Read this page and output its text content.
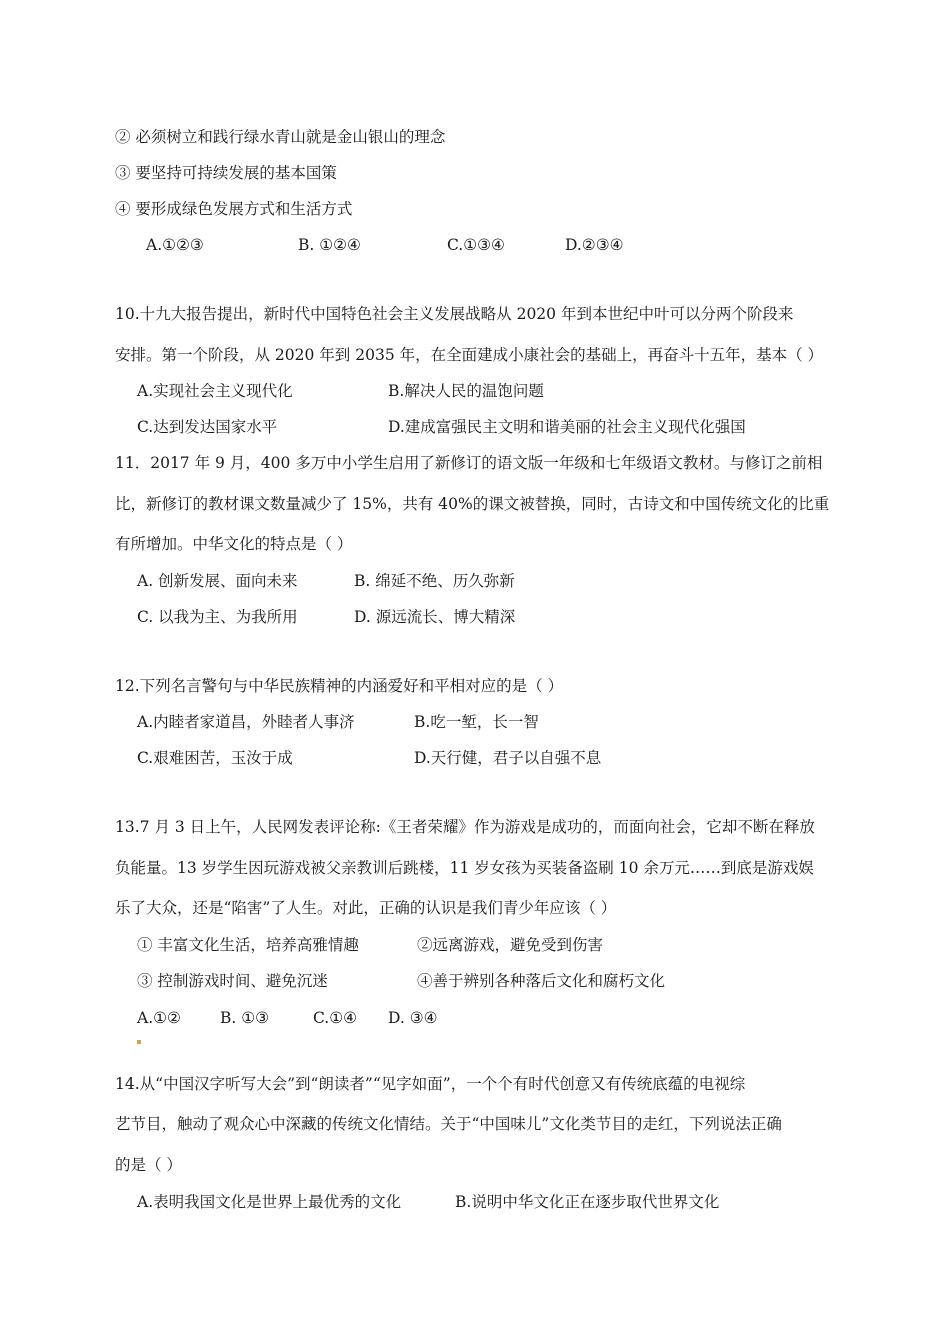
② 必须树立和践行绿水青山就是金山银山的理念
③ 要坚持可持续发展的基本国策
④ 要形成绿色发展方式和生活方式
A.①②③	B. ①②④	C.①③④	D.②③④
10.十九大报告提出，新时代中国特色社会主义发展战略从 2020 年到本世纪中叶可以分两个阶段来
安排。第一个阶段，从 2020 年到 2035 年，在全面建成小康社会的基础上，再奋斗十五年，基本（ ）
A.实现社会主义现代化	B.解决人民的温饱问题
C.达到发达国家水平	D.建成富强民主文明和谐美丽的社会主义现代化强国
11．2017 年 9 月，400 多万中小学生启用了新修订的语文版一年级和七年级语文教材。与修订之前相
比，新修订的教材课文数量减少了 15%，共有 40%的课文被替换，同时，古诗文和中国传统文化的比重
有所增加。中华文化的特点是（ ）
A. 创新发展、面向未来	B. 绵延不绝、历久弥新
C. 以我为主、为我所用	D. 源远流长、博大精深
12.下列名言警句与中华民族精神的内涵爱好和平相对应的是（ ）
A.内睦者家道昌，外睦者人事济	B.吃一堑，长一智
C.艰难困苦，玉汝于成	D.天行健，君子以自强不息
13.7 月 3 日上午，人民网发表评论称:《王者荣耀》作为游戏是成功的，而面向社会，它却不断在释放
负能量。13 岁学生因玩游戏被父亲教训后跳楼，11 岁女孩为买装备盗刷 10 余万元……到底是游戏娱
乐了大众，还是“陷害”了人生。对此，正确的认识是我们青少年应该（ ）
① 丰富文化生活，培养高雅情趣	②远离游戏，避免受到伤害
③ 控制游戏时间、避免沉迷	④善于辨别各种落后文化和腐朽文化
A.①②	B. ①③	C.①④ D. ③④
14.从“中国汉字听写大会”到“朗读者”“见字如面”，一个个有时代创意又有传统底蕴的电视综
艺节目，触动了观众心中深藏的传统文化情结。关于“中国味儿”文化类节目的走红，下列说法正确
的是（ ）
A.表明我国文化是世界上最优秀的文化	B.说明中华文化正在逐步取代世界文化
